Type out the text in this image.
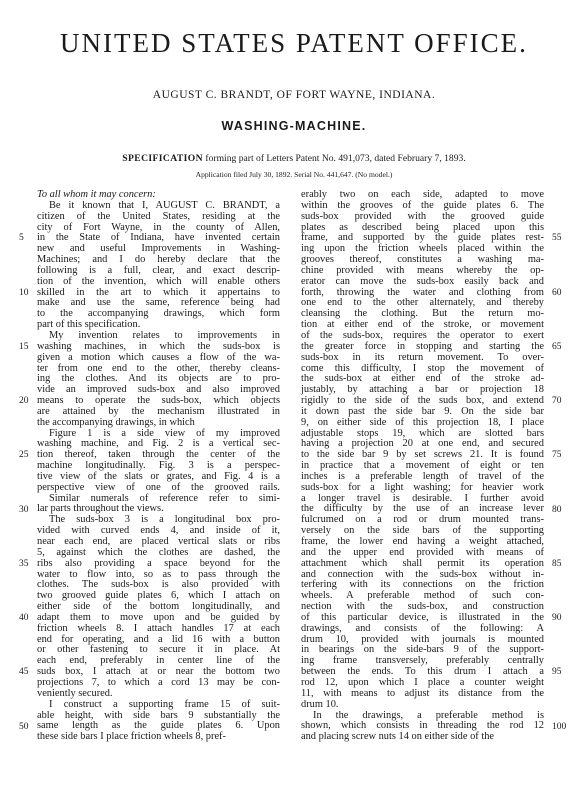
UNITED STATES PATENT OFFICE.
AUGUST C. BRANDT, OF FORT WAYNE, INDIANA.
WASHING-MACHINE.
SPECIFICATION forming part of Letters Patent No. 491,073, dated February 7, 1893.
Application filed July 30, 1892. Serial No. 441,647. (No model.)
To all whom it may concern:
Be it known that I, AUGUST C. BRANDT, a
citizen of the United States, residing at the
city of Fort Wayne, in the county of Allen,
in the State of Indiana, have invented certain
new and useful Improvements in Washing-
Machines; and I do hereby declare that the
following is a full, clear, and exact descrip-
tion of the invention, which will enable others
skilled in the art to which it appertains to
make and use the same, reference being had
to the accompanying drawings, which form
part of this specification.
My invention relates to improvements in
washing machines, in which the suds-box is
given a motion which causes a flow of the wa-
ter from one end to the other, thereby cleans-
ing the clothes. And its objects are to pro-
vide an improved suds-box and also improved
means to operate the suds-box, which objects
are attained by the mechanism illustrated in
the accompanying drawings, in which
Figure 1 is a side view of my improved
washing machine, and Fig. 2 is a vertical sec-
tion thereof, taken through the center of the
machine longitudinally. Fig. 3 is a perspec-
tive view of the slats or grates, and Fig. 4 is a
perspective view of one of the grooved rails.
Similar numerals of reference refer to simi-
lar parts throughout the views.
The suds-box 3 is a longitudinal box pro-
vided with curved ends 4, and inside of it,
near each end, are placed vertical slats or ribs
5, against which the clothes are dashed, the
ribs also providing a space beyond for the
water to flow into, so as to pass through the
clothes. The suds-box is also provided with
two grooved guide plates 6, which I attach on
either side of the bottom longitudinally, and
adapt them to move upon and be guided by
friction wheels 8. I attach handles 17 at each
end for operating, and a lid 16 with a button
or other fastening to secure it in place. At
each end, preferably in center line of the
suds box, I attach at or near the bottom two
projections 7, to which a cord 13 may be con-
veniently secured.
I construct a supporting frame 15 of suit-
able height, with side bars 9 substantially the
same length as the guide plates 6. Upon
these side bars I place friction wheels 8, pref-
erably two on each side, adapted to move
within the grooves of the guide plates 6. The
suds-box provided with the grooved guide
plates as described being placed upon this
frame, and supported by the guide plates rest-
ing upon the friction wheels placed within the
grooves thereof, constitutes a washing ma-
chine provided with means whereby the op-
erator can move the suds-box easily back and
forth, throwing the water and clothing from
one end to the other alternately, and thereby
cleansing the clothing. But the return mo-
tion at either end of the stroke, or movement
of the suds-box, requires the operator to exert
the greater force in stopping and starting the
suds-box in its return movement. To over-
come this difficulty, I stop the movement of
the suds-box at either end of the stroke ad-
justably, by attaching a bar or projection 18
rigidly to the side of the suds box, and extend
it down past the side bar 9. On the side bar
9, on either side of this projection 18, I place
adjustable stops 19, which are slotted bars
having a projection 20 at one end, and secured
to the side bar 9 by set screws 21. It is found
in practice that a movement of eight or ten
inches is a preferable length of travel of the
suds-box for a light washing; for heavier work
a longer travel is desirable. I further avoid
the difficulty by the use of an increase lever
fulcrumed on a rod or drum mounted trans-
versely on the side bars of the supporting
frame, the lower end having a weight attached,
and the upper end provided with means of
attachment which shall permit its operation
and connection with the suds-box without in-
terfering with its connections on the friction
wheels. A preferable method of such con-
nection with the suds-box, and construction
of this particular device, is illustrated in the
drawings, and consists of the following: A
drum 10, provided with journals is mounted
in bearings on the side-bars 9 of the support-
ing frame transversely, preferably centrally
between the ends. To this drum I attach a
rod 12, upon which I place a counter weight
11, with means to adjust its distance from the
drum 10.
In the drawings, a preferable method is
shown, which consists in threading the rod 12
and placing screw nuts 14 on either side of the
5
10
15
20
25
30
35
40
45
50
55
60
65
70
75
80
85
90
95
100
